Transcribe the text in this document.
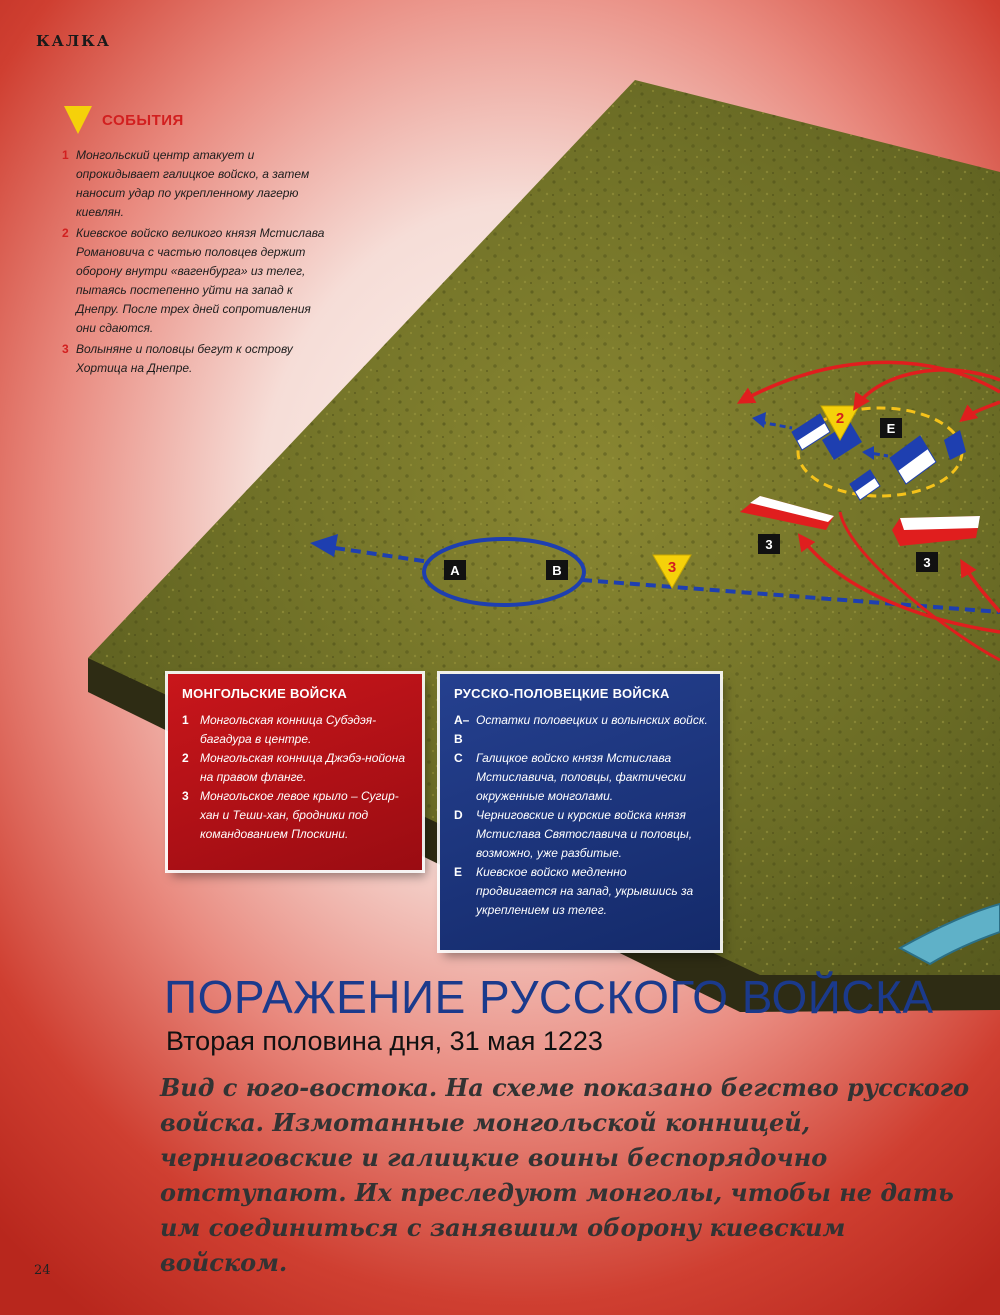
КАЛКА
A	B	3
E
2
3
3
СОБЫТИЯ
1 Монгольский центр атакует и опрокидывает галицкое войско, а затем наносит удар по укрепленному лагерю киевлян.
2 Киевское войско великого князя Мстислава Романовича с частью половцев держит оборону внутри «вагенбурга» из телег, пытаясь постепенно уйти на запад к Днепру. После трех дней сопротивления они сдаются.
3 Волыняне и половцы бегут к острову Хортица на Днепре.
МОНГОЛЬСКИЕ ВОЙСКА
1 Монгольская конница Субэдэя-багадура в центре.
2 Монгольская конница Джэбэ-нойона на правом фланге.
3 Монгольское левое крыло – Сугир-хан и Теши-хан, бродники под командованием Плоскини.
РУССКО-ПОЛОВЕЦКИЕ ВОЙСКА
A–B
Остатки половецких и волынских войск.
C	Галицкое войско князя Мстислава Мстиславича, половцы, фактически окруженные монголами.
D	Черниговские и курские войска князя Мстислава Святославича и половцы, возможно, уже разбитые.
E	Киевское войско медленно продвигается на запад, укрывшись за укреплением из телег.
ПОРАЖЕНИЕ РУССКОГО ВОЙСКА
Вторая половина дня, 31 мая 1223
Вид с юго-востока. На схеме показано бегство русского войска. Измотанные монгольской конницей, черниговские и галицкие воины беспорядочно отступают. Их преследуют монголы, чтобы не дать им соединиться с занявшим оборону киевским войском.
24
